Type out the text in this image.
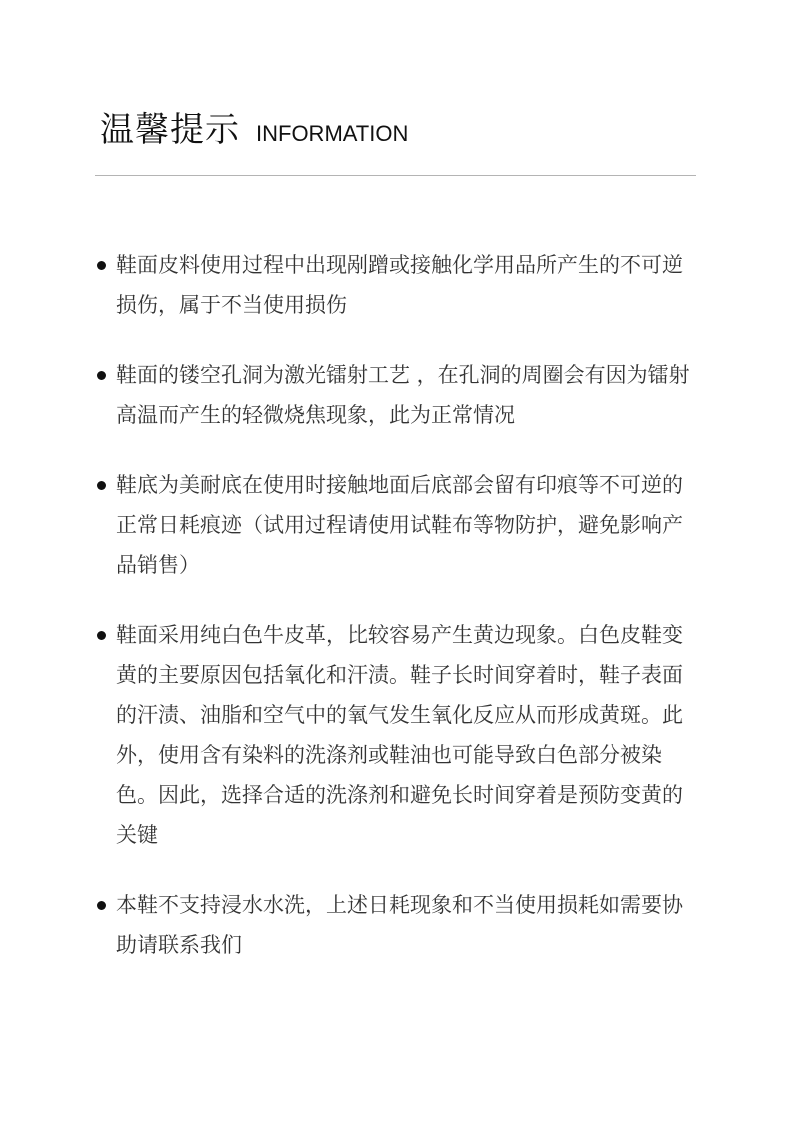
温馨提示 INFORMATION
鞋面皮料使用过程中出现剐蹭或接触化学用品所产生的不可逆损伤，属于不当使用损伤
鞋面的镂空孔洞为激光镭射工艺 ，在孔洞的周圈会有因为镭射高温而产生的轻微烧焦现象，此为正常情况
鞋底为美耐底在使用时接触地面后底部会留有印痕等不可逆的正常日耗痕迹（试用过程请使用试鞋布等物防护，避免影响产品销售）
鞋面采用纯白色牛皮革，比较容易产生黄边现象。白色皮鞋变黄的主要原因包括氧化和汗渍。鞋子长时间穿着时，鞋子表面的汗渍、油脂和空气中的氧气发生氧化反应从而形成黄斑。此外，使用含有染料的洗涤剂或鞋油也可能导致白色部分被染色。因此，选择合适的洗涤剂和避免长时间穿着是预防变黄的关键
本鞋不支持浸水水洗，上述日耗现象和不当使用损耗如需要协助请联系我们
